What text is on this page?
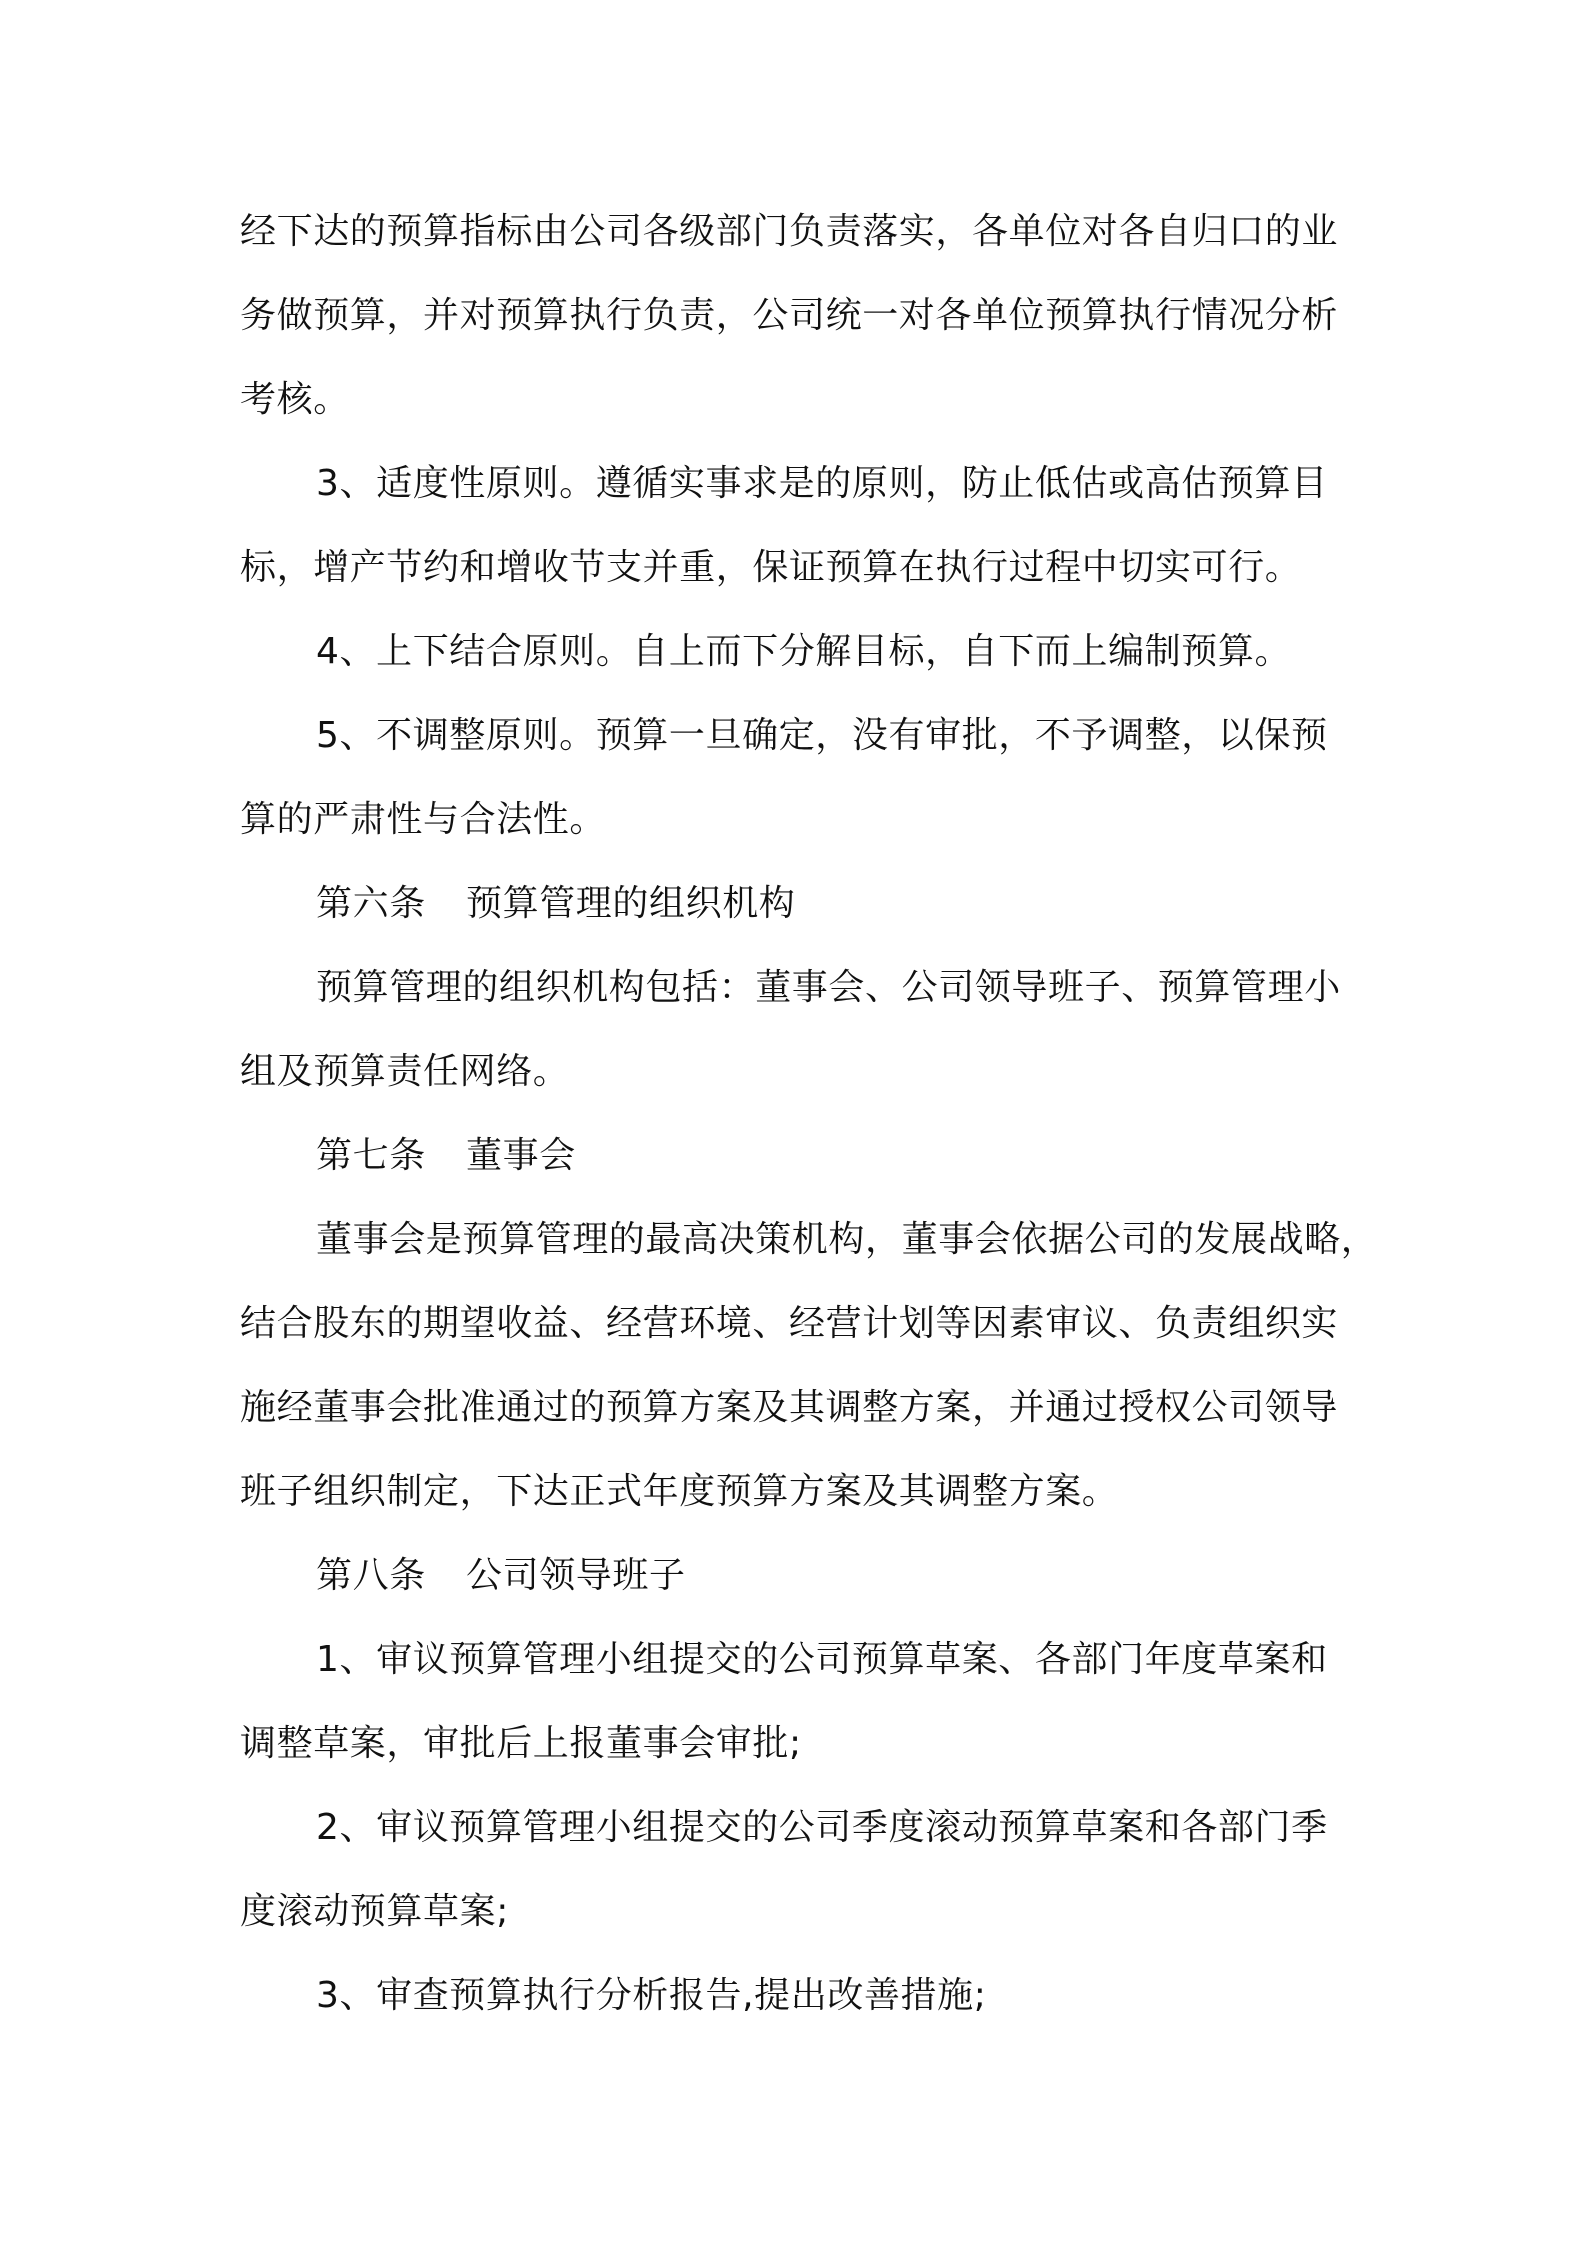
经下达的预算指标由公司各级部门负责落实，各单位对各自归口的业
务做预算，并对预算执行负责，公司统一对各单位预算执行情况分析
考核。
3、适度性原则。遵循实事求是的原则，防止低估或高估预算目
标，增产节约和增收节支并重，保证预算在执行过程中切实可行。
4、上下结合原则。自上而下分解目标，自下而上编制预算。
5、不调整原则。预算一旦确定，没有审批，不予调整，以保预
算的严肃性与合法性。
第六条 预算管理的组织机构
预算管理的组织机构包括：董事会、公司领导班子、预算管理小
组及预算责任网络。
第七条 董事会
董事会是预算管理的最高决策机构，董事会依据公司的发展战略，
结合股东的期望收益、经营环境、经营计划等因素审议、负责组织实
施经董事会批准通过的预算方案及其调整方案，并通过授权公司领导
班子组织制定，下达正式年度预算方案及其调整方案。
第八条 公司领导班子
1、审议预算管理小组提交的公司预算草案、各部门年度草案和
调整草案，审批后上报董事会审批;
2、审议预算管理小组提交的公司季度滚动预算草案和各部门季
度滚动预算草案;
3、审查预算执行分析报告,提出改善措施;
